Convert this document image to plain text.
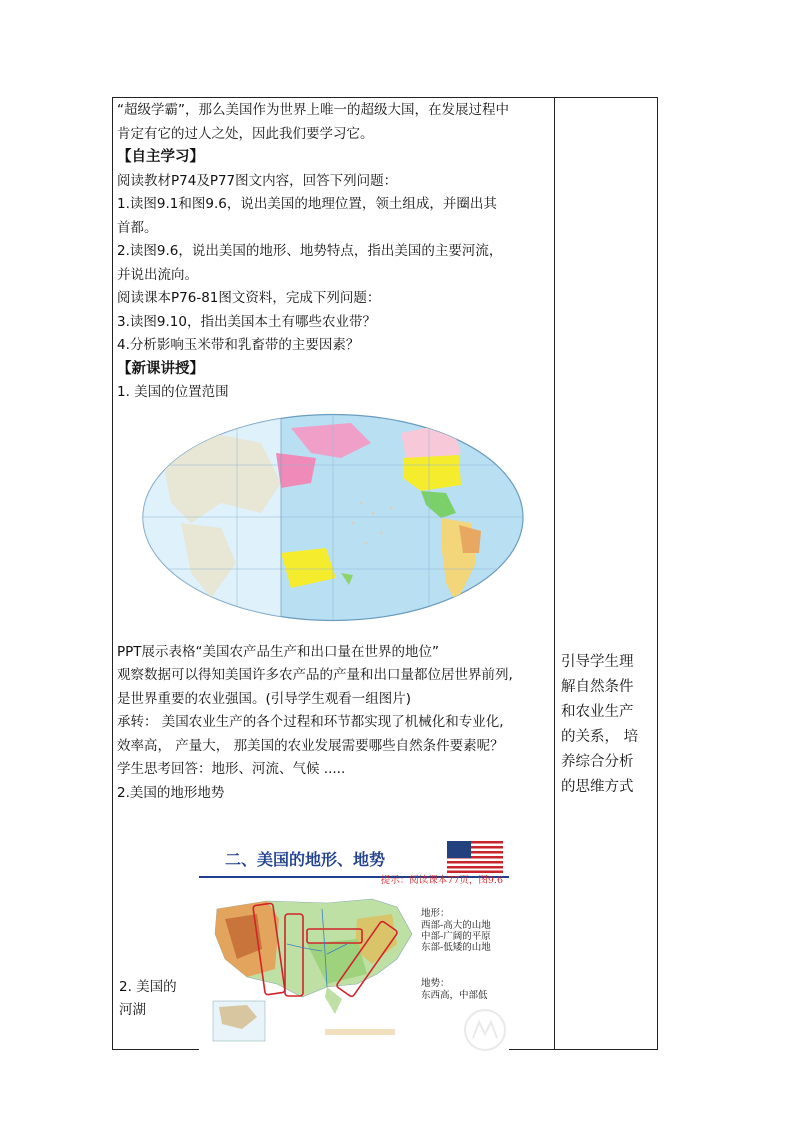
“超级学霸”，那么美国作为世界上唯一的超级大国，在发展过程中
肯定有它的过人之处，因此我们要学习它。
【自主学习】
阅读教材P74及P77图文内容，回答下列问题：
1.读图9.1和图9.6，说出美国的地理位置，领土组成，并圈出其
首都。
2.读图9.6，说出美国的地形、地势特点，指出美国的主要河流，
并说出流向。
阅读课本P76-81图文资料，完成下列问题：
3.读图9.10，指出美国本土有哪些农业带？
4.分析影响玉米带和乳畜带的主要因素？
【新课讲授】
1. 美国的位置范围
PPT展示表格“美国农产品生产和出口量在世界的地位”
观察数据可以得知美国许多农产品的产量和出口量都位居世界前列,
是世界重要的农业强国。(引导学生观看一组图片)
承转： 美国农业生产的各个过程和环节都实现了机械化和专业化,
效率高， 产量大， 那美国的农业发展需要哪些自然条件要素呢？
学生思考回答：地形、河流、气候 .....
2.美国的地形地势
引导学生理
解自然条件
和农业生产
的关系， 培
养综合分析
的思维方式
二、美国的地形、地势
提示：阅读课本77页，图9.6
地形：
西部-高大的山地
中部-广阔的平原
东部-低矮的山地
地势：
东西高，中部低
2. 美国的
河湖
